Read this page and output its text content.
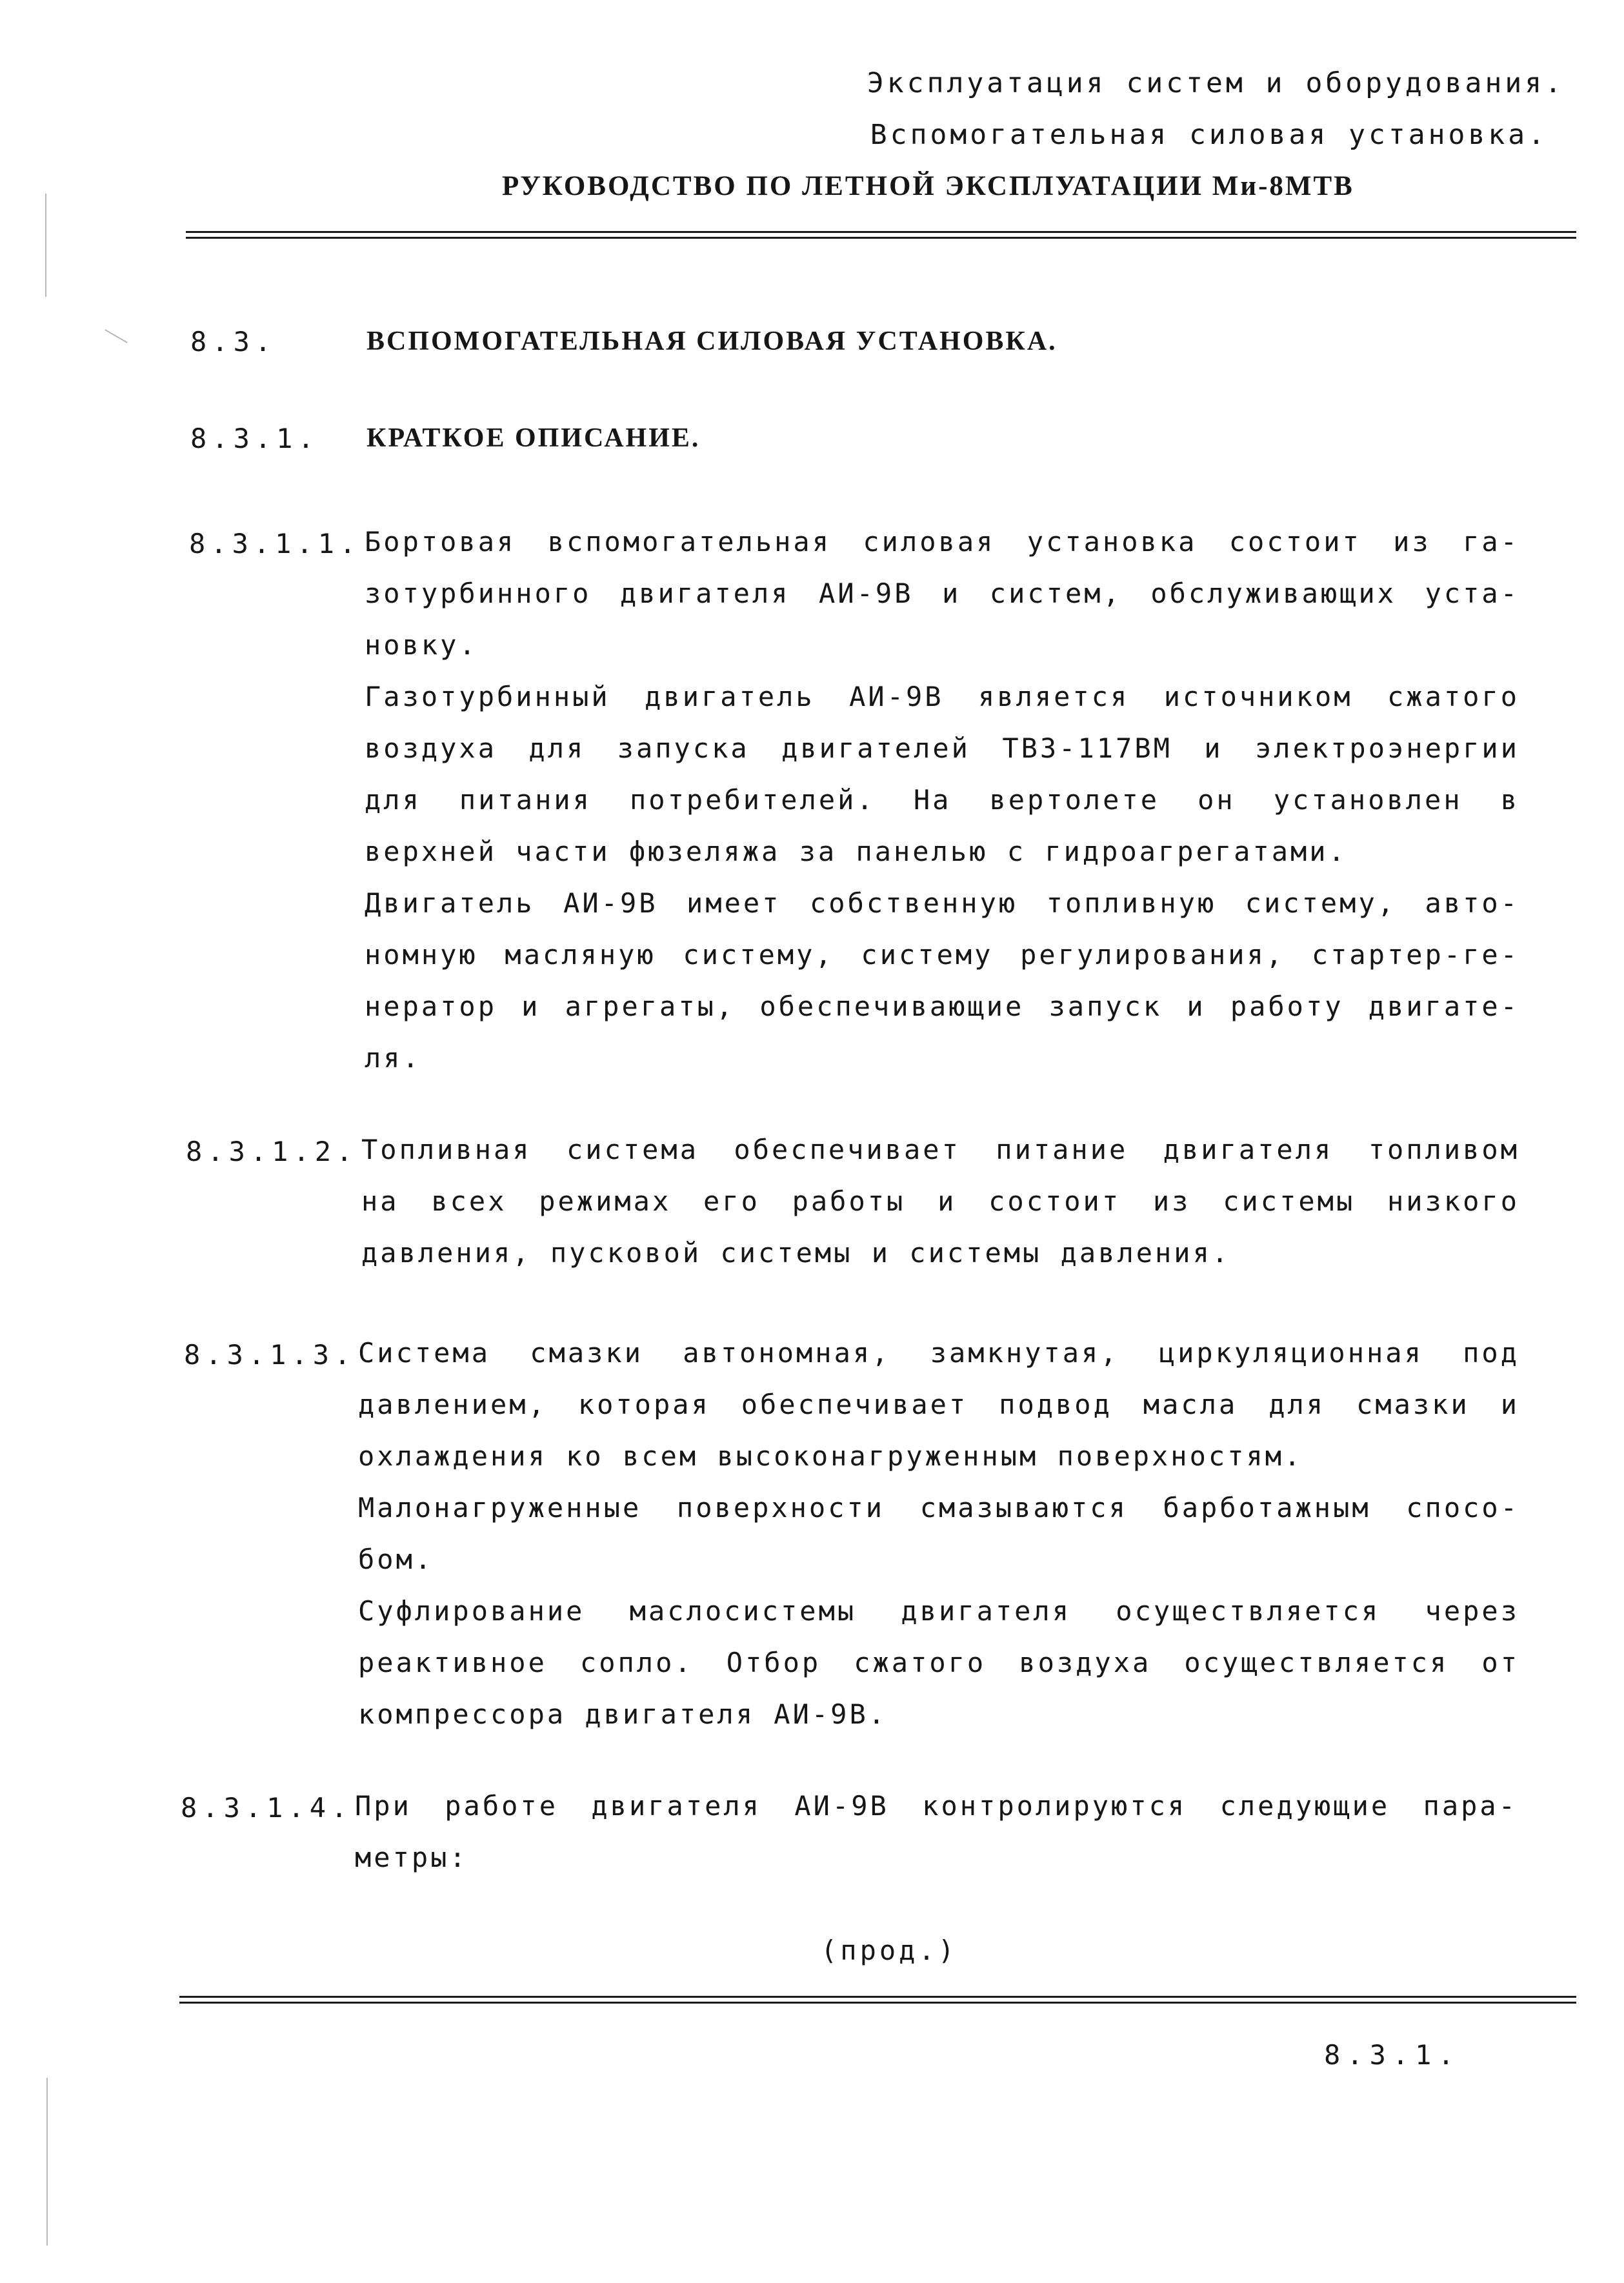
Эксплуатация систем и оборудования.
Вспомогательная силовая установка.
РУКОВОДСТВО ПО ЛЕТНОЙ ЭКСПЛУАТАЦИИ Ми-8МТВ
8.3.	ВСПОМОГАТЕЛЬНАЯ СИЛОВАЯ УСТАНОВКА.
8.3.1. КРАТКОЕ ОПИСАНИЕ.
8.3.1.1. Бортовая вспомогательная силовая установка состоит из га-
зотурбинного двигателя АИ-9В и систем, обслуживающих уста-
новку.
Газотурбинный двигатель АИ-9В является источником сжатого
воздуха для запуска двигателей ТВ3-117ВМ и электроэнергии
для питания потребителей. На вертолете он установлен в
верхней части фюзеляжа за панелью с гидроагрегатами.
Двигатель АИ-9В имеет собственную топливную систему, авто-
номную масляную систему, систему регулирования, стартер-ге-
нератор и агрегаты, обеспечивающие запуск и работу двигате-
ля.
8.3.1.2. Топливная система обеспечивает питание двигателя топливом
на всех режимах его работы и состоит из системы низкого
давления, пусковой системы и системы давления.
8.3.1.3. Система смазки автономная, замкнутая, циркуляционная под
давлением, которая обеспечивает подвод масла для смазки и
охлаждения ко всем высоконагруженным поверхностям.
Малонагруженные поверхности смазываются барботажным спосо-
бом.
Суфлирование маслосистемы двигателя осуществляется через
реактивное сопло. Отбор сжатого воздуха осуществляется от
компрессора двигателя АИ-9В.
8.3.1.4. При работе двигателя АИ-9В контролируются следующие пара-
метры:
(прод.)
8.3.1.
